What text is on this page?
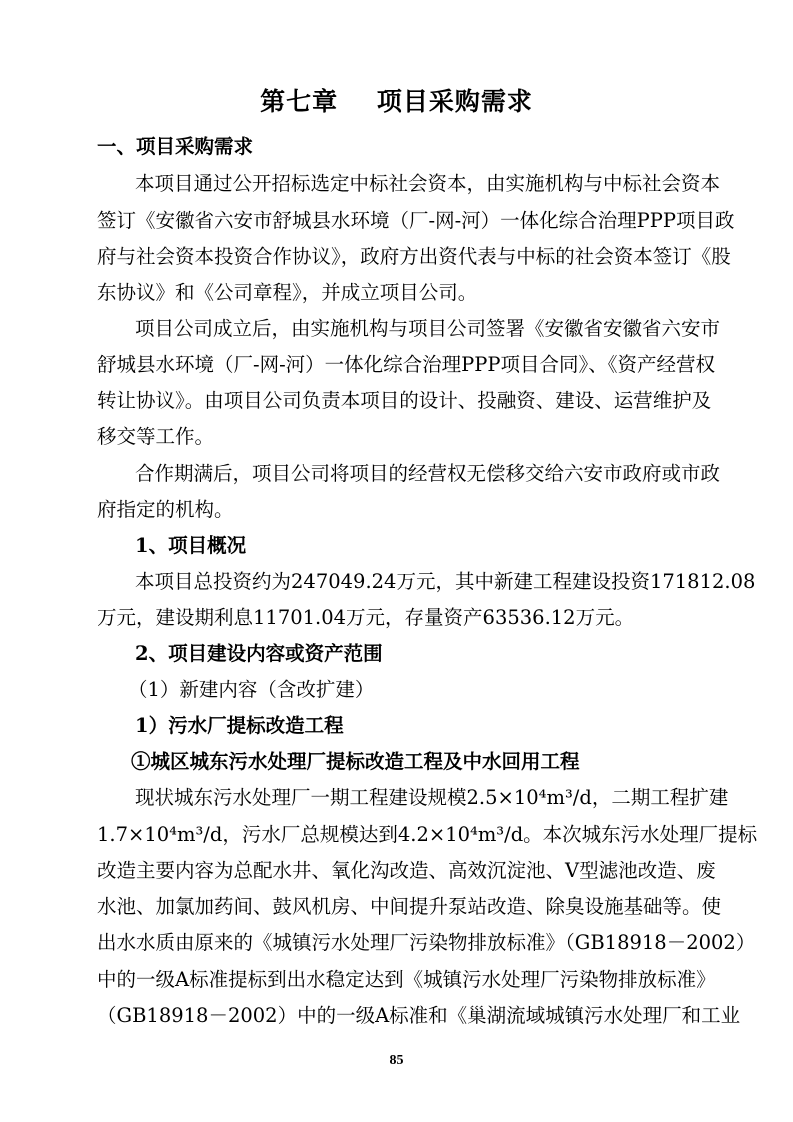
第七章    项目采购需求
一、项目采购需求
本项目通过公开招标选定中标社会资本，由实施机构与中标社会资本
签订《安徽省六安市舒城县水环境（厂-网-河）一体化综合治理PPP项目政
府与社会资本投资合作协议》，政府方出资代表与中标的社会资本签订《股
东协议》和《公司章程》，并成立项目公司。
项目公司成立后，由实施机构与项目公司签署《安徽省安徽省六安市
舒城县水环境（厂-网-河）一体化综合治理PPP项目合同》、《资产经营权
转让协议》。由项目公司负责本项目的设计、投融资、建设、运营维护及
移交等工作。
合作期满后，项目公司将项目的经营权无偿移交给六安市政府或市政
府指定的机构。
1、项目概况
本项目总投资约为247049.24万元，其中新建工程建设投资171812.08
万元，建设期利息11701.04万元，存量资产63536.12万元。
2、项目建设内容或资产范围
（1）新建内容（含改扩建）
1）污水厂提标改造工程
①城区城东污水处理厂提标改造工程及中水回用工程
现状城东污水处理厂一期工程建设规模2.5×10⁴m³/d，二期工程扩建
1.7×10⁴m³/d，污水厂总规模达到4.2×10⁴m³/d。本次城东污水处理厂提标
改造主要内容为总配水井、氧化沟改造、高效沉淀池、V型滤池改造、废
水池、加氯加药间、鼓风机房、中间提升泵站改造、除臭设施基础等。使
出水水质由原来的《城镇污水处理厂污染物排放标准》（GB18918－2002）
中的一级A标准提标到出水稳定达到《城镇污水处理厂污染物排放标准》
（GB18918－2002）中的一级A标准和《巢湖流域城镇污水处理厂和工业
85
